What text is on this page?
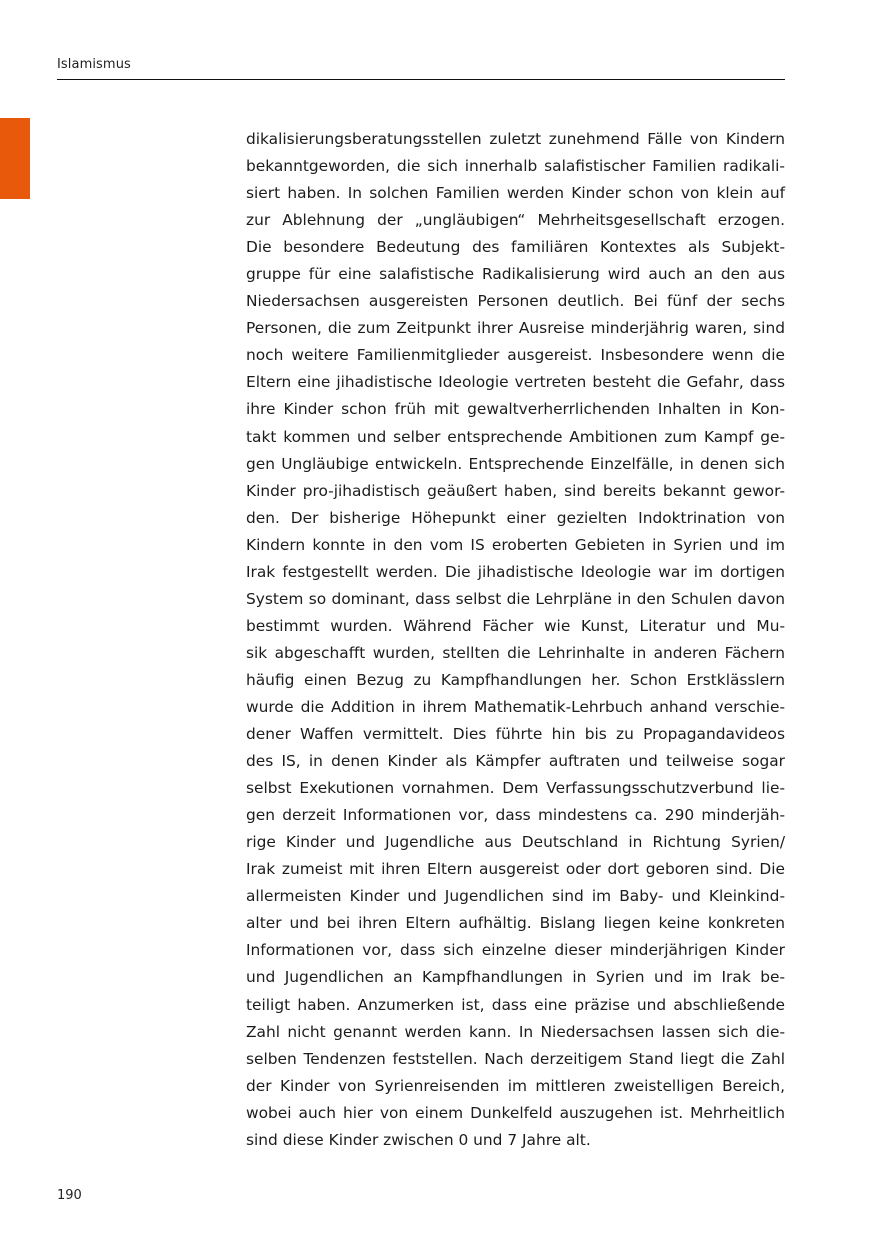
Islamismus
dikalisierungsberatungsstellen zuletzt zunehmend Fälle von Kindern
bekanntgeworden, die sich innerhalb salafistischer Familien radikali-
siert haben. In solchen Familien werden Kinder schon von klein auf
zur Ablehnung der „ungläubigen“ Mehrheitsgesellschaft erzogen.
Die besondere Bedeutung des familiären Kontextes als Subjekt-
gruppe für eine salafistische Radikalisierung wird auch an den aus
Niedersachsen ausgereisten Personen deutlich. Bei fünf der sechs
Personen, die zum Zeitpunkt ihrer Ausreise minderjährig waren, sind
noch weitere Familienmitglieder ausgereist. Insbesondere wenn die
Eltern eine jihadistische Ideologie vertreten besteht die Gefahr, dass
ihre Kinder schon früh mit gewaltverherrlichenden Inhalten in Kon-
takt kommen und selber entsprechende Ambitionen zum Kampf ge-
gen Ungläubige entwickeln. Entsprechende Einzelfälle, in denen sich
Kinder pro-jihadistisch geäußert haben, sind bereits bekannt gewor-
den. Der bisherige Höhepunkt einer gezielten Indoktrination von
Kindern konnte in den vom IS eroberten Gebieten in Syrien und im
Irak festgestellt werden. Die jihadistische Ideologie war im dortigen
System so dominant, dass selbst die Lehrpläne in den Schulen davon
bestimmt wurden. Während Fächer wie Kunst, Literatur und Mu-
sik abgeschafft wurden, stellten die Lehrinhalte in anderen Fächern
häufig einen Bezug zu Kampfhandlungen her. Schon Erstklässlern
wurde die Addition in ihrem Mathematik-Lehrbuch anhand verschie-
dener Waffen vermittelt. Dies führte hin bis zu Propagandavideos
des IS, in denen Kinder als Kämpfer auftraten und teilweise sogar
selbst Exekutionen vornahmen. Dem Verfassungsschutzverbund lie-
gen derzeit Informationen vor, dass mindestens ca. 290 minderjäh-
rige Kinder und Jugendliche aus Deutschland in Richtung Syrien/
Irak zumeist mit ihren Eltern ausgereist oder dort geboren sind. Die
allermeisten Kinder und Jugendlichen sind im Baby- und Kleinkind-
alter und bei ihren Eltern aufhältig. Bislang liegen keine konkreten
Informationen vor, dass sich einzelne dieser minderjährigen Kinder
und Jugendlichen an Kampfhandlungen in Syrien und im Irak be-
teiligt haben. Anzumerken ist, dass eine präzise und abschließende
Zahl nicht genannt werden kann. In Niedersachsen lassen sich die-
selben Tendenzen feststellen. Nach derzeitigem Stand liegt die Zahl
der Kinder von Syrienreisenden im mittleren zweistelligen Bereich,
wobei auch hier von einem Dunkelfeld auszugehen ist. Mehrheitlich
sind diese Kinder zwischen 0 und 7 Jahre alt.
190
